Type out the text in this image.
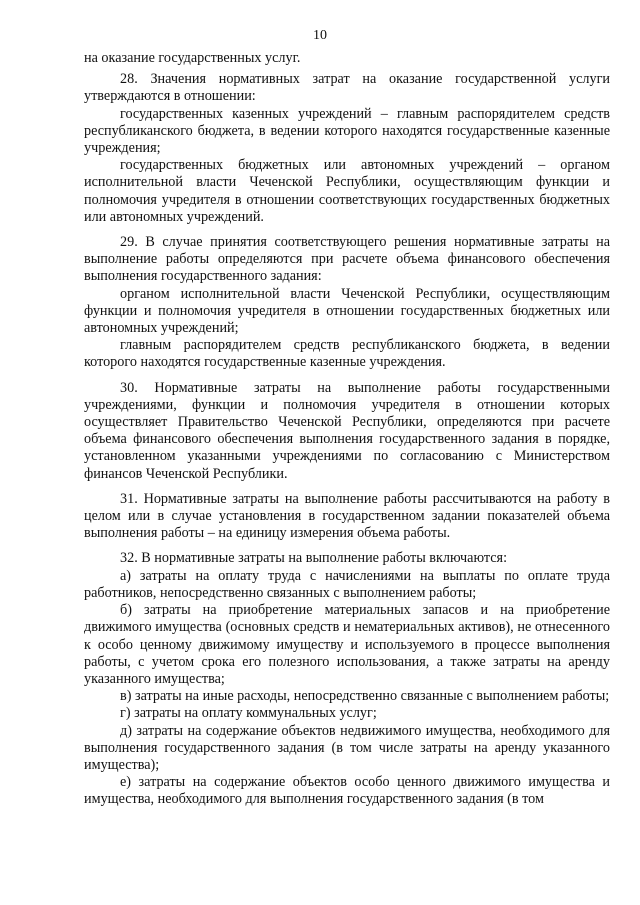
10

на оказание государственных услуг.

28. Значения нормативных затрат на оказание государственной услуги утверждаются в отношении:

государственных казенных учреждений – главным распорядителем средств республиканского бюджета, в ведении которого находятся государственные казенные учреждения;

государственных бюджетных или автономных учреждений – органом исполнительной власти Чеченской Республики, осуществляющим функции и полномочия учредителя в отношении соответствующих государственных бюджетных или автономных учреждений.

29. В случае принятия соответствующего решения нормативные затраты на выполнение работы определяются при расчете объема финансового обеспечения выполнения государственного задания:

органом исполнительной власти Чеченской Республики, осуществляющим функции и полномочия учредителя в отношении государственных бюджетных или автономных учреждений;

главным распорядителем средств республиканского бюджета, в ведении которого находятся государственные казенные учреждения.

30. Нормативные затраты на выполнение работы государственными учреждениями, функции и полномочия учредителя в отношении которых осуществляет Правительство Чеченской Республики, определяются при расчете объема финансового обеспечения выполнения государственного задания в порядке, установленном указанными учреждениями по согласованию с Министерством финансов Чеченской Республики.

31. Нормативные затраты на выполнение работы рассчитываются на работу в целом или в случае установления в государственном задании показателей объема выполнения работы – на единицу измерения объема работы.

32. В нормативные затраты на выполнение работы включаются:

а) затраты на оплату труда с начислениями на выплаты по оплате труда работников, непосредственно связанных с выполнением работы;

б) затраты на приобретение материальных запасов и на приобретение движимого имущества (основных средств и нематериальных активов), не отнесенного к особо ценному движимому имуществу и используемого в процессе выполнения работы, с учетом срока его полезного использования, а также затраты на аренду указанного имущества;

в) затраты на иные расходы, непосредственно связанные с выполнением работы;

г) затраты на оплату коммунальных услуг;

д) затраты на содержание объектов недвижимого имущества, необходимого для выполнения государственного задания (в том числе затраты на аренду указанного имущества);

е) затраты на содержание объектов особо ценного движимого имущества и имущества, необходимого для выполнения государственного задания (в том
